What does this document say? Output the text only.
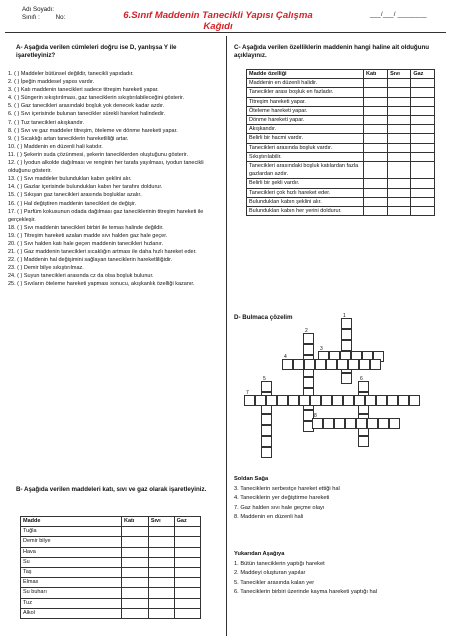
Adı Soyadı:
Sınıfı :	No:	6.Sınıf Maddenin Tanecikli Yapısı Çalışma Kağıdı
___/___/ ________
A- Aşağıda verilen cümleleri doğru ise D, yanlışsa Y ile işaretleyiniz?
1. ( ) Maddeler bütünsel değildir, tanecikli yapıdadır.
2. ( ) İpeğin maddesel yapısı vardır.
3. ( ) Katı maddenin tanecikleri sadece titreşim hareketi yapar.
4. ( ) Süngerin sıkıştırılması, gaz taneciklerin sıkıştırılabileceğini gösterir.
5. ( ) Gaz tanecikleri arasındaki boşluk yok denecek kadar azdır.
6. ( ) Sıvı içerisinde bulunan tanecikler sürekli hareket halindedir.
7. ( ) Tuz tanecikleri akışkandır.
8. ( ) Sıvı ve gaz maddeler titreşim, öteleme ve dönme hareketi yapar.
9. ( ) Sıcaklığı artan taneciklerin hareketliliği artar.
10. ( ) Maddenin en düzenli hali katıdır.
11. ( ) Şekerin suda çözünmesi, şekerin taneciklerden oluştuğunu gösterir.
12. ( ) İyodun alkolde dağılması ve renginin her tarafa yayılması, iyodun tanecikli olduğunu gösterir.
13. ( ) Sıvı maddeler bulundukları kabın şeklini alır.
14. ( ) Gazlar içerisinde bulundukları kabın her tarafını doldurur.
15. ( ) Sıkışan gaz tanecikleri arasında boşluklar azalır.
16. ( ) Hal değiştiren maddenin tanecikleri de değişir.
17. ( ) Parfüm kokusunun odada dağılması gaz taneciklerinin titreşim hareketi ile gerçekleşir.
18. ( ) Sıvı maddenin tanecikleri birbiri ile temas halinde değildir.
19. ( ) Titreşim hareketi azalan madde sıvı halden gaz hale geçer.
20. ( ) Sıvı halden katı hale geçen maddenin tanecikleri hızlanır.
21. ( ) Gaz maddenin tanecikleri sıcaklığın artması ile daha hızlı hareket eder.
22. ( ) Maddenin hal değişimini sağlayan taneciklerin hareketliliğidir.
23. ( ) Demir bilye sıkıştırılmaz.
24. ( ) Suyun tanecikleri arasında cz da olsa boşluk bulunur.
25. ( ) Sıvıların öteleme hareketi yapması sonucu, akışkanlık özelliği kazanır.
B- Aşağıda verilen maddeleri katı, sıvı ve gaz olarak işaretleyiniz.
Madde	Katı	Sıvı	Gaz
Tuğla			
Demir bilye			
Hava			
Su			
Taş			
Elmas			
Su buharı			
Tuz			
Alkol			
C- Aşağıda verilen özelliklerin maddenin hangi haline ait olduğunu açıklayınız.
Madde özelliği	Katı	Sıvı	Gaz
Maddenin en düzenli halidir.			
Tanecikler arası boşluk en fazladır.			
Titreşim hareketi yapar.			
Öteleme hareketi yapar.			
Dönme hareketi yapar.			
Akışkandır.			
Belirli bir hacmi vardır.			
Tanecikleri arasında boşluk vardır.			
Sıkıştırılabilir.			
Tanecikleri arasındaki boşluk katılardan fazla gazlardan azdır.			
Belirli bir şekli vardır.			
Tanecikleri çok hızlı hareket eder.			
Bulundukları kabın şeklini alır.			
Bulundukları kabın her yerini doldurur.			
D- Bulmaca çözelim	1
2
3
4
5	6
7
8
Soldan Sağa
3. Taneciklerin serbestçe hareket ettiği hal
4. Taneciklerin yer değiştirme hareketi
7. Gaz halden sıvı hale geçme olayı
8. Maddenin en düzenli hali
Yukarıdan Aşağıya
1. Bütün taneciklerin yaptığı hareket
2. Maddeyi oluşturan yapılar
5. Tanecikler arasında kalan yer
6. Taneciklerin birbiri üzerinde kayma hareketi yaptığı hal
